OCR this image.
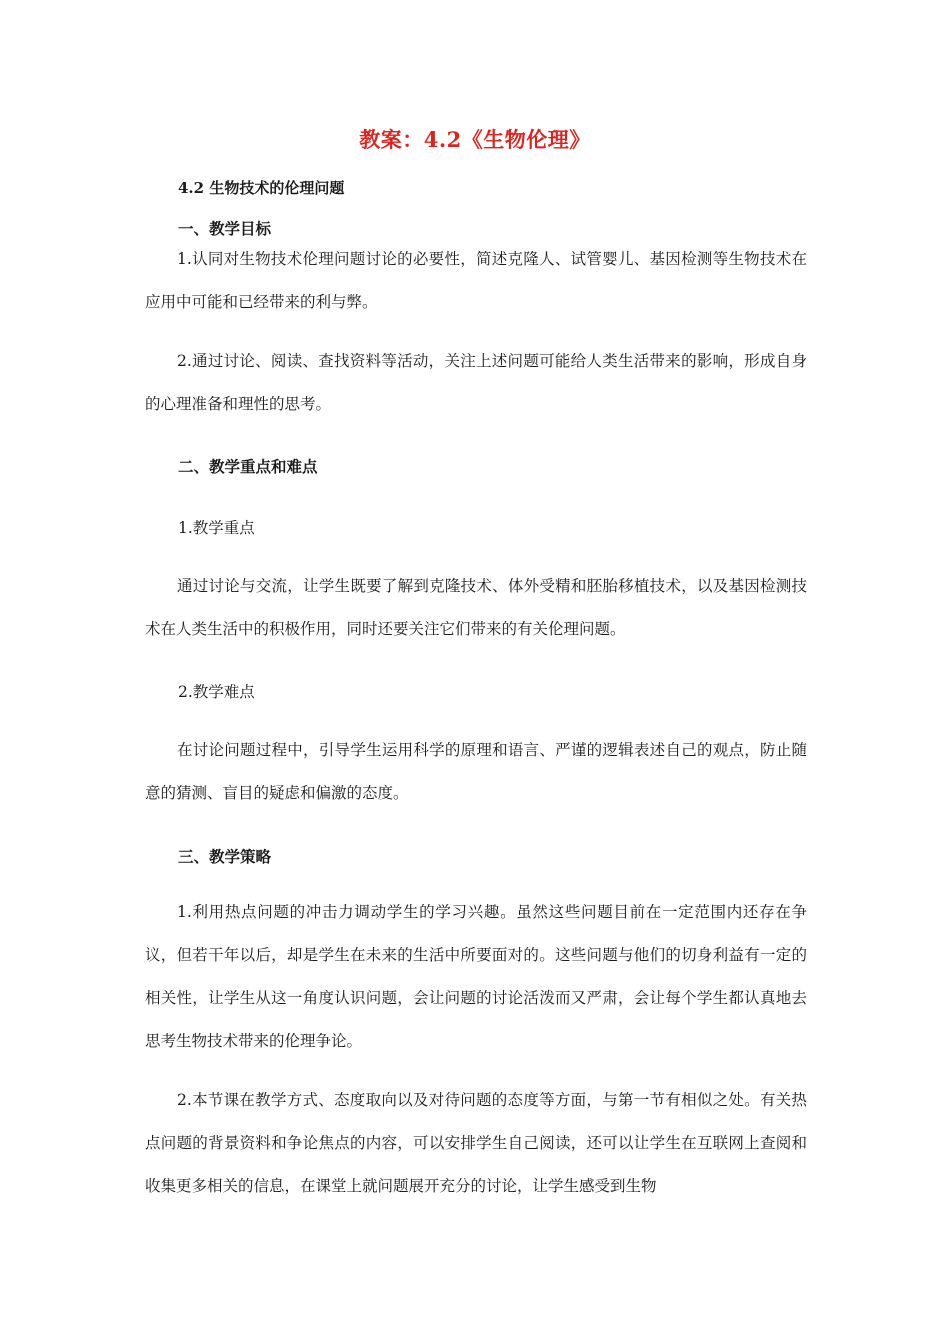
教案：4.2《生物伦理》
4.2 生物技术的伦理问题
一、教学目标

1.认同对生物技术伦理问题讨论的必要性，简述克隆人、试管婴儿、基因检测等生物技术在应用中可能和已经带来的利与弊。

2.通过讨论、阅读、查找资料等活动，关注上述问题可能给人类生活带来的影响，形成自身的心理准备和理性的思考。

二、教学重点和难点
1.教学重点

通过讨论与交流，让学生既要了解到克隆技术、体外受精和胚胎移植技术，以及基因检测技术在人类生活中的积极作用，同时还要关注它们带来的有关伦理问题。

2.教学难点

在讨论问题过程中，引导学生运用科学的原理和语言、严谨的逻辑表述自己的观点，防止随意的猜测、盲目的疑虑和偏激的态度。

三、教学策略

1.利用热点问题的冲击力调动学生的学习兴趣。虽然这些问题目前在一定范围内还存在争议，但若干年以后，却是学生在未来的生活中所要面对的。这些问题与他们的切身利益有一定的相关性，让学生从这一角度认识问题，会让问题的讨论活泼而又严肃，会让每个学生都认真地去思考生物技术带来的伦理争论。

2.本节课在教学方式、态度取向以及对待问题的态度等方面，与第一节有相似之处。有关热点问题的背景资料和争论焦点的内容，可以安排学生自己阅读，还可以让学生在互联网上查阅和收集更多相关的信息，在课堂上就问题展开充分的讨论，让学生感受到生物
